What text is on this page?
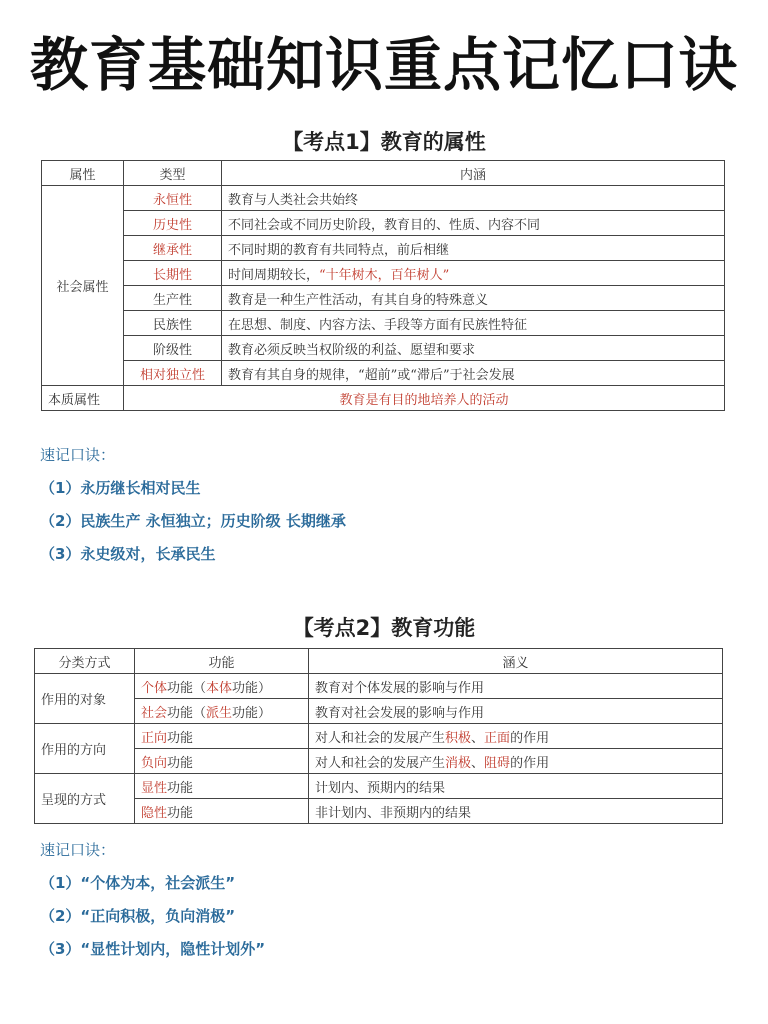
教育基础知识重点记忆口诀
【考点1】教育的属性
属性	类型	内涵
社会属性	永恒性	教育与人类社会共始终
	历史性	不同社会或不同历史阶段，教育目的、性质、内容不同
	继承性	不同时期的教育有共同特点，前后相继
	长期性	时间周期较长，“十年树木，百年树人”
	生产性	教育是一种生产性活动，有其自身的特殊意义
	民族性	在思想、制度、内容方法、手段等方面有民族性特征
	阶级性	教育必须反映当权阶级的利益、愿望和要求
	相对独立性	教育有其自身的规律，“超前”或“滞后”于社会发展
本质属性	教育是有目的地培养人的活动	
速记口诀：
（1）永历继长相对民生
（2）民族生产 永恒独立；历史阶级 长期继承
（3）永史级对，长承民生
【考点2】教育功能
分类方式	功能	涵义
作用的对象	个体功能（本体功能）	教育对个体发展的影响与作用
	社会功能（派生功能）	教育对社会发展的影响与作用
作用的方向	正向功能	对人和社会的发展产生积极、正面的作用
	负向功能	对人和社会的发展产生消极、阻碍的作用
呈现的方式	显性功能	计划内、预期内的结果
	隐性功能	非计划内、非预期内的结果
速记口诀：
（1）“个体为本，社会派生”
（2）“正向积极，负向消极”
（3）“显性计划内，隐性计划外”
